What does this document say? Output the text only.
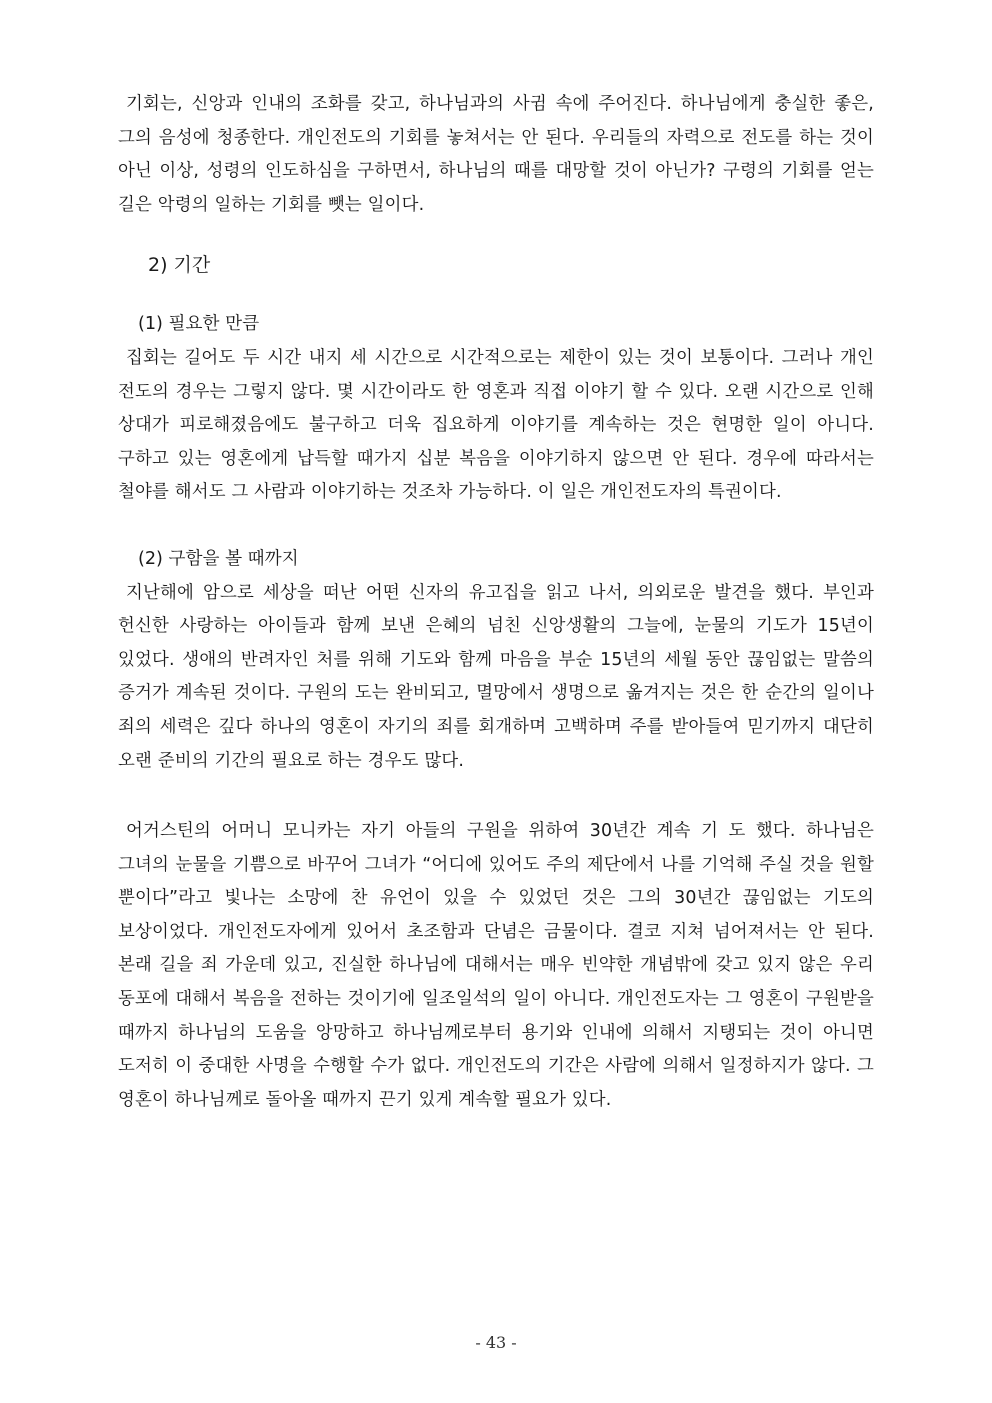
기회는, 신앙과 인내의 조화를 갖고, 하나님과의 사귐 속에 주어진다. 하나님에게 충실한 좋은, 그의 음성에 청종한다. 개인전도의 기회를 놓쳐서는 안 된다. 우리들의 자력으로 전도를 하는 것이 아닌 이상, 성령의 인도하심을 구하면서, 하나님의 때를 대망할 것이 아닌가? 구령의 기회를 얻는 길은 악령의 일하는 기회를 뺏는 일이다.

2) 기간

(1) 필요한 만큼

집회는 길어도 두 시간 내지 세 시간으로 시간적으로는 제한이 있는 것이 보통이다. 그러나 개인 전도의 경우는 그렇지 않다. 몇 시간이라도 한 영혼과 직접 이야기 할 수 있다. 오랜 시간으로 인해 상대가 피로해졌음에도 불구하고 더욱 집요하게 이야기를 계속하는 것은 현명한 일이 아니다. 구하고 있는 영혼에게 납득할 때가지 십분 복음을 이야기하지 않으면 안 된다. 경우에 따라서는 철야를 해서도 그 사람과 이야기하는 것조차 가능하다. 이 일은 개인전도자의 특권이다.

(2) 구함을 볼 때까지

지난해에 암으로 세상을 떠난 어떤 신자의 유고집을 읽고 나서, 의외로운 발견을 했다. 부인과 헌신한 사랑하는 아이들과 함께 보낸 은혜의 넘친 신앙생활의 그늘에, 눈물의 기도가 15년이 있었다. 생애의 반려자인 처를 위해 기도와 함께 마음을 부순 15년의 세월 동안 끊임없는 말씀의 증거가 계속된 것이다. 구원의 도는 완비되고, 멸망에서 생명으로 옮겨지는 것은 한 순간의 일이나 죄의 세력은 깊다 하나의 영혼이 자기의 죄를 회개하며 고백하며 주를 받아들여 믿기까지 대단히 오랜 준비의 기간의 필요로 하는 경우도 많다.

어거스틴의 어머니 모니카는 자기 아들의 구원을 위하여 30년간 계속 기 도 했다. 하나님은 그녀의 눈물을 기쁨으로 바꾸어 그녀가 “어디에 있어도 주의 제단에서 나를 기억해 주실 것을 원할 뿐이다”라고 빛나는 소망에 찬 유언이 있을 수 있었던 것은 그의 30년간 끊임없는 기도의 보상이었다. 개인전도자에게 있어서 초조함과 단념은 금물이다. 결코 지쳐 넘어져서는 안 된다. 본래 길을 죄 가운데 있고, 진실한 하나님에 대해서는 매우 빈약한 개념밖에 갖고 있지 않은 우리 동포에 대해서 복음을 전하는 것이기에 일조일석의 일이 아니다. 개인전도자는 그 영혼이 구원받을 때까지 하나님의 도움을 앙망하고 하나님께로부터 용기와 인내에 의해서 지탱되는 것이 아니면 도저히 이 중대한 사명을 수행할 수가 없다. 개인전도의 기간은 사람에 의해서 일정하지가 않다. 그 영혼이 하나님께로 돌아올 때까지 끈기 있게 계속할 필요가 있다.

- 43 -
